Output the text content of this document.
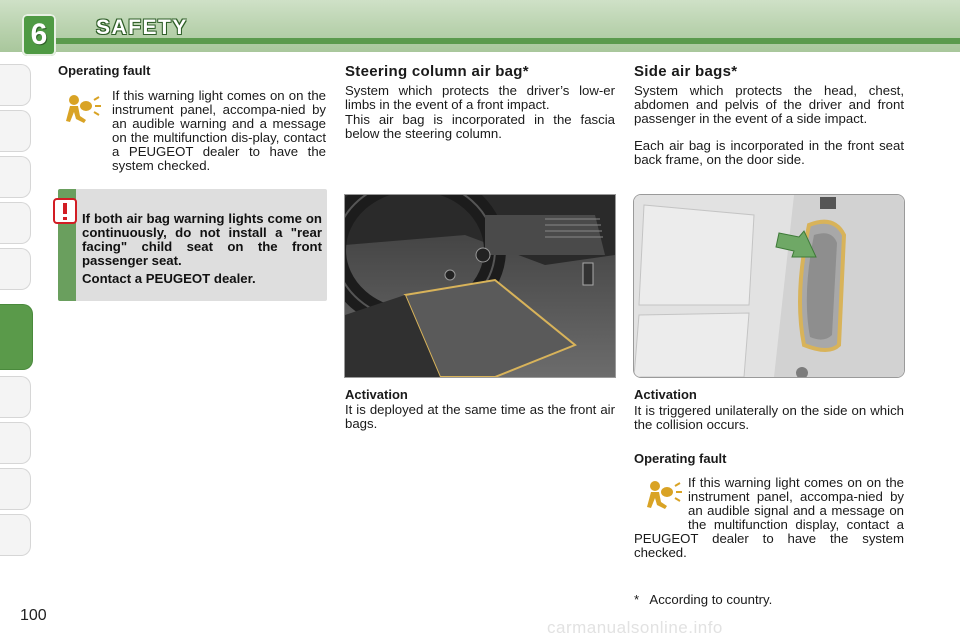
6	SAFETY
Operating fault
If this warning light comes on on the instrument panel, accompa-nied by an audible warning and a message on the multifunction dis-play, contact a PEUGEOT dealer to have the system checked.
If both air bag warning lights come on continuously, do not install a "rear facing" child seat on the front passenger seat.
Contact a PEUGEOT dealer.
Steering column air bag*
System which protects the driver’s low-er limbs in the event of a front impact.
This air bag is incorporated in the fascia below the steering column.
Activation
It is deployed at the same time as the front air bags.
Side air bags*
System which protects the head, chest, abdomen and pelvis of the driver and front passenger in the event of a side impact.
Each air bag is incorporated in the front seat back frame, on the door side.
Activation
It is triggered unilaterally on the side on which the collision occurs.
Operating fault
If this warning light comes on on the instrument panel, accompa-nied by an audible signal and a message on the multifunction display, contact a PEUGEOT dealer to have the system checked.
*   According to country.
100
carmanualsonline.info
